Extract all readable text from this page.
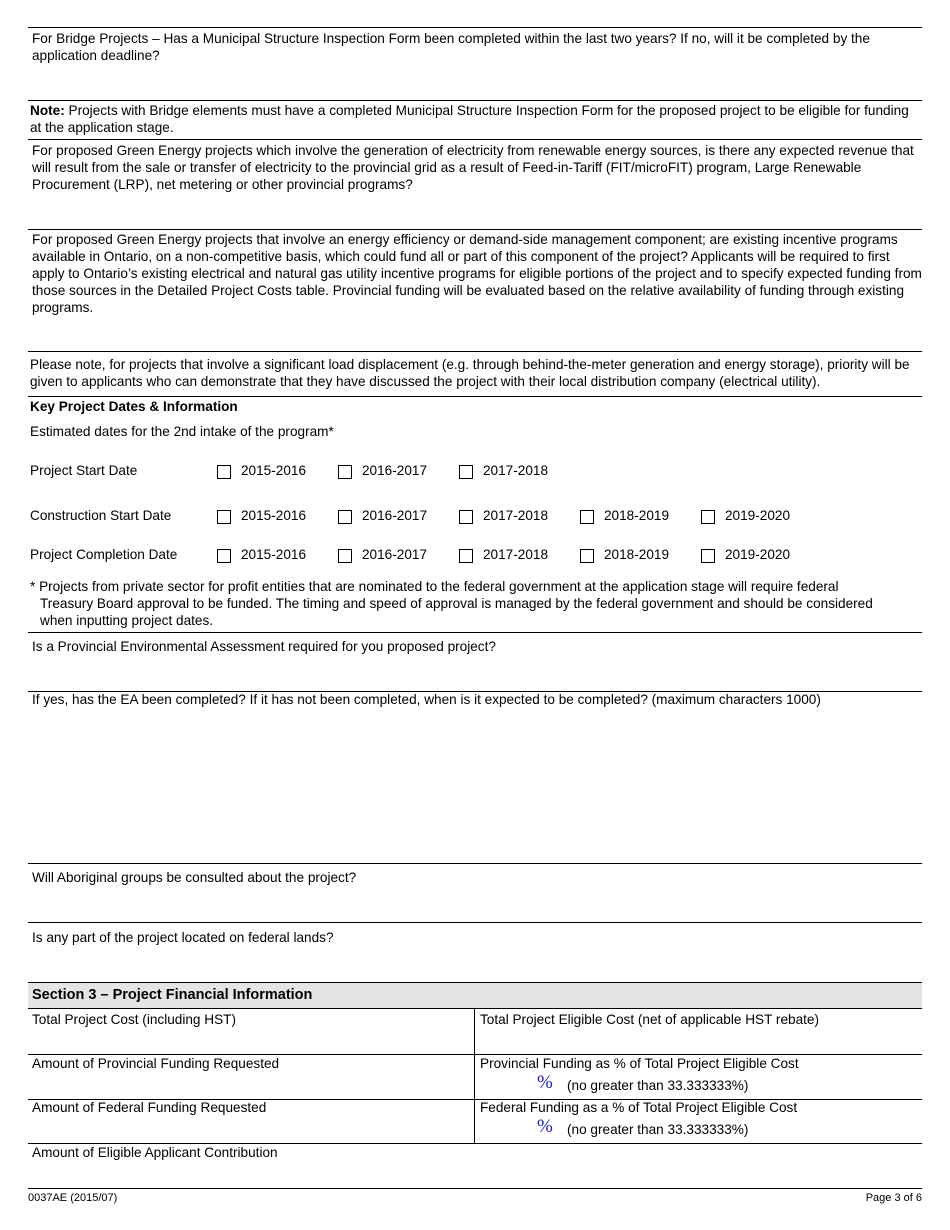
For Bridge Projects – Has a Municipal Structure Inspection Form been completed within the last two years? If no, will it be completed by the application deadline?
Note: Projects with Bridge elements must have a completed Municipal Structure Inspection Form for the proposed project to be eligible for funding at the application stage.
For proposed Green Energy projects which involve the generation of electricity from renewable energy sources, is there any expected revenue that will result from the sale or transfer of electricity to the provincial grid as a result of Feed-in-Tariff (FIT/microFIT) program, Large Renewable Procurement (LRP), net metering or other provincial programs?
For proposed Green Energy projects that involve an energy efficiency or demand-side management component; are existing incentive programs available in Ontario, on a non-competitive basis, which could fund all or part of this component of the project? Applicants will be required to first apply to Ontario’s existing electrical and natural gas utility incentive programs for eligible portions of the project and to specify expected funding from those sources in the Detailed Project Costs table. Provincial funding will be evaluated based on the relative availability of funding through existing programs.
Please note, for projects that involve a significant load displacement (e.g. through behind-the-meter generation and energy storage), priority will be given to applicants who can demonstrate that they have discussed the project with their local distribution company (electrical utility).
Key Project Dates & Information
Estimated dates for the 2nd intake of the program*
Project Start Date	2015-2016	2016-2017	2017-2018
Construction Start Date	2015-2016	2016-2017	2017-2018	2018-2019	2019-2020
Project Completion Date	2015-2016	2016-2017	2017-2018	2018-2019	2019-2020
* Projects from private sector for profit entities that are nominated to the federal government at the application stage will require federal
Treasury Board approval to be funded. The timing and speed of approval is managed by the federal government and should be considered
when inputting project dates.
Is a Provincial Environmental Assessment required for you proposed project?
If yes, has the EA been completed? If it has not been completed, when is it expected to be completed? (maximum characters 1000)
Will Aboriginal groups be consulted about the project?
Is any part of the project located on federal lands?
Section 3 – Project Financial Information
Total Project Cost (including HST)	Total Project Eligible Cost (net of applicable HST rebate)
Amount of Provincial Funding Requested	Provincial Funding as % of Total Project Eligible Cost
% (no greater than 33.333333%)
Amount of Federal Funding Requested	Federal Funding as a % of Total Project Eligible Cost
% (no greater than 33.333333%)
Amount of Eligible Applicant Contribution
0037AE (2015/07)	Page 3 of 6
